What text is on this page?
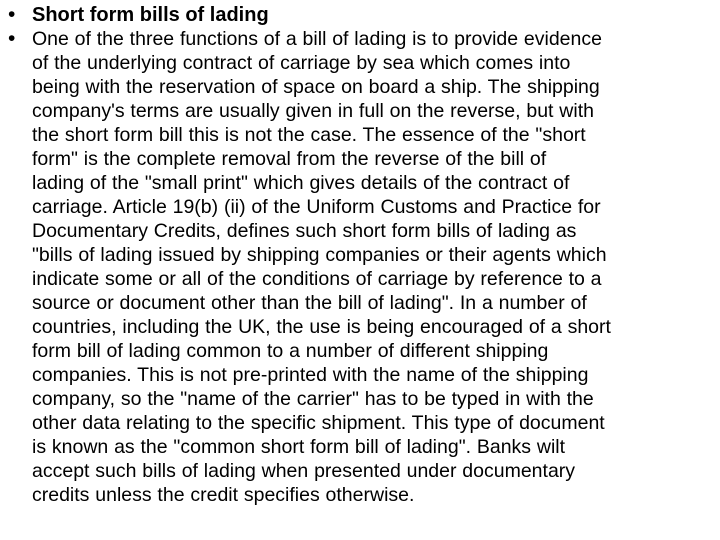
• Short form bills of lading
• One of the three functions of a bill of lading is to provide evidence
of the underlying contract of carriage by sea which comes into
being with the reservation of space on board a ship. The shipping
company's terms are usually given in full on the reverse, but with
the short form bill this is not the case. The essence of the "short
form" is the complete removal from the reverse of the bill of
lading of the "small print" which gives details of the contract of
carriage. Article 19(b) (ii) of the Uniform Customs and Practice for
Documentary Credits, defines such short form bills of lading as
"bills of lading issued by shipping companies or their agents which
indicate some or all of the conditions of carriage by reference to a
source or document other than the bill of lading". In a number of
countries, including the UK, the use is being encouraged of a short
form bill of lading common to a number of different shipping
companies. This is not pre-printed with the name of the shipping
company, so the "name of the carrier" has to be typed in with the
other data relating to the specific shipment. This type of document
is known as the "common short form bill of lading". Banks wilt
accept such bills of lading when presented under documentary
credits unless the credit specifies otherwise.
